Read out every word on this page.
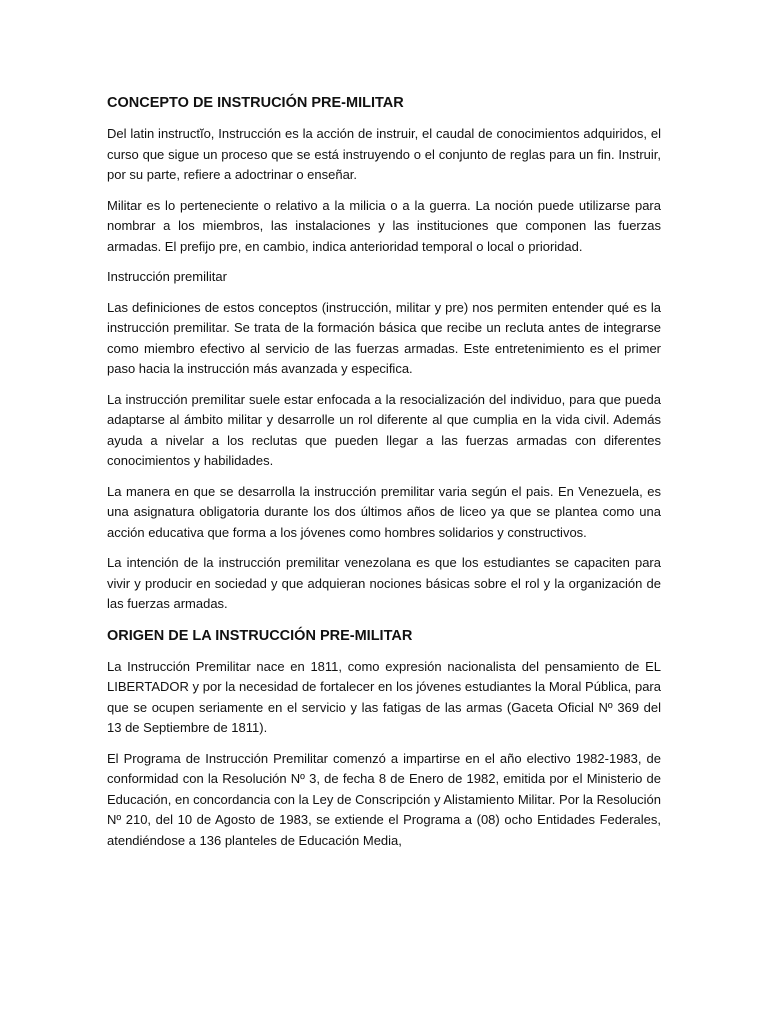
CONCEPTO DE INSTRUCIÓN PRE-MILITAR

Del latin instructĭo, Instrucción es la acción de instruir, el caudal de conocimientos adquiridos, el curso que sigue un proceso que se está instruyendo o el conjunto de reglas para un fin. Instruir, por su parte, refiere a adoctrinar o enseñar.

Militar es lo perteneciente o relativo a la milicia o a la guerra. La noción puede utilizarse para nombrar a los miembros, las instalaciones y las instituciones que componen las fuerzas armadas. El prefijo pre, en cambio, indica anterioridad temporal o local o prioridad.

Instrucción premilitar

Las definiciones de estos conceptos (instrucción, militar y pre) nos permiten entender qué es la instrucción premilitar. Se trata de la formación básica que recibe un recluta antes de integrarse como miembro efectivo al servicio de las fuerzas armadas. Este entretenimiento es el primer paso hacia la instrucción más avanzada y especifica.

La instrucción premilitar suele estar enfocada a la resocialización del individuo, para que pueda adaptarse al ámbito militar y desarrolle un rol diferente al que cumplia en la vida civil. Además ayuda a nivelar a los reclutas que pueden llegar a las fuerzas armadas con diferentes conocimientos y habilidades.

La manera en que se desarrolla la instrucción premilitar varia según el pais. En Venezuela, es una asignatura obligatoria durante los dos últimos años de liceo ya que se plantea como una acción educativa que forma a los jóvenes como hombres solidarios y constructivos.

La intención de la instrucción premilitar venezolana es que los estudiantes se capaciten para vivir y producir en sociedad y que adquieran nociones básicas sobre el rol y la organización de las fuerzas armadas.

ORIGEN DE LA INSTRUCCIÓN PRE-MILITAR

La Instrucción Premilitar nace en 1811, como expresión nacionalista del pensamiento de EL LIBERTADOR y por la necesidad de fortalecer en los jóvenes estudiantes la Moral Pública, para que se ocupen seriamente en el servicio y las fatigas de las armas (Gaceta Oficial Nº 369 del 13 de Septiembre de 1811).

El Programa de Instrucción Premilitar comenzó a impartirse en el año electivo 1982-1983, de conformidad con la Resolución Nº 3, de fecha 8 de Enero de 1982, emitida por el Ministerio de Educación, en concordancia con la Ley de Conscripción y Alistamiento Militar. Por la Resolución Nº 210, del 10 de Agosto de 1983, se extiende el Programa a (08) ocho Entidades Federales, atendiéndose a 136 planteles de Educación Media,
